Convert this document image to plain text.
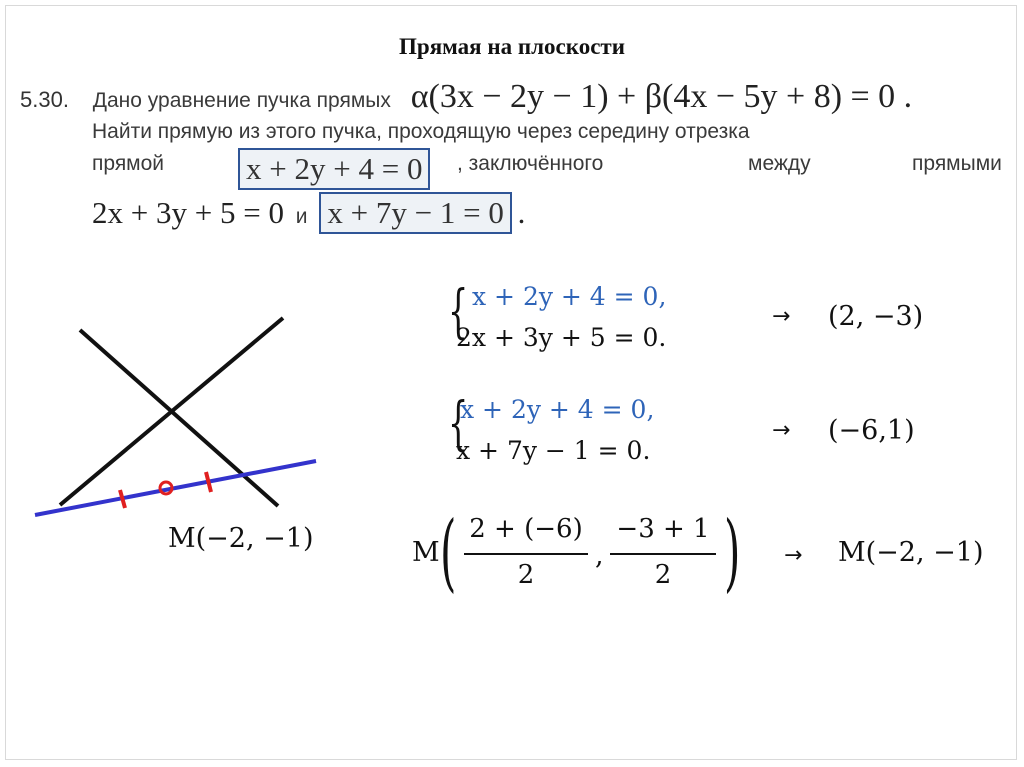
Прямая на плоскости
5.30. Дано уравнение пучка прямых α(3x − 2y − 1) + β(4x − 5y + 8) = 0 .
Найти прямую из этого пучка, проходящую через середину отрезка
прямой	x + 2y + 4 = 0	, заключённого	между	прямыми
2x + 3y + 5 = 0 и x + 7y − 1 = 0 .
M(−2, −1)
{ x + 2y + 4 = 0,
2x + 3y + 5 = 0.
→ (2, −3)
{
x + 2y + 4 = 0,
x + 7y − 1 = 0.
→ (−6,1)
M ( 2 + (−6)
2
,
−3 + 1
2 ) → M(−2, −1)
